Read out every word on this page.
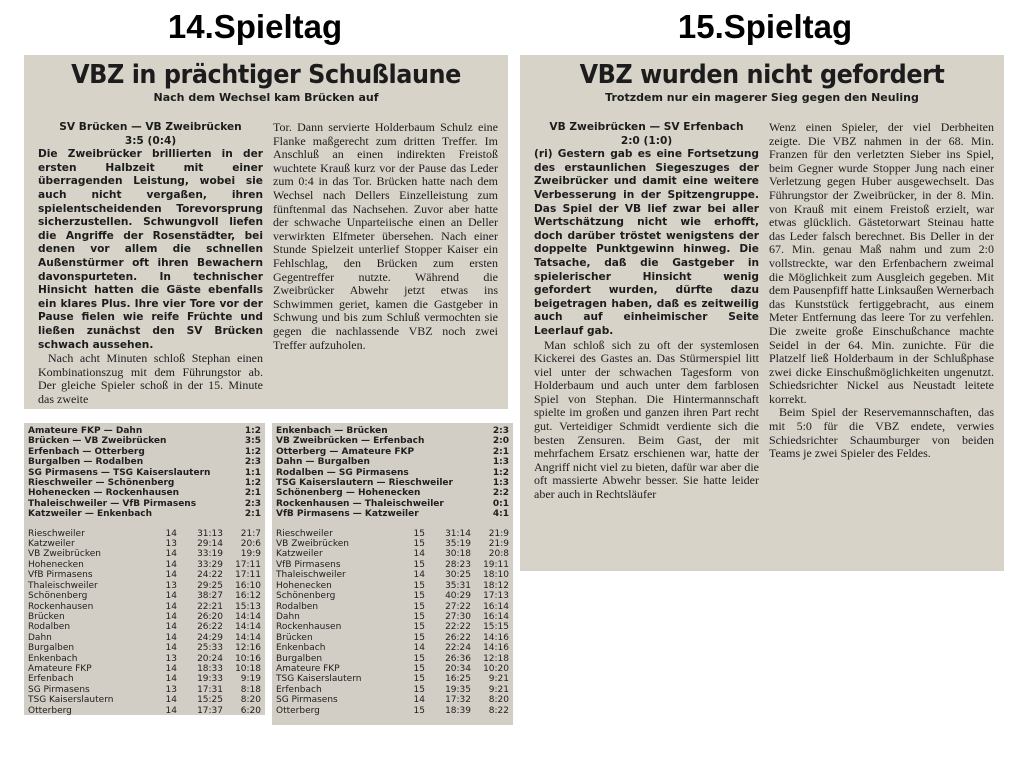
14.Spieltag	15.Spieltag
VBZ in prächtiger Schußlaune
Nach dem Wechsel kam Brücken auf
SV Brücken — VB Zweibrücken
3:5 (0:4)

Die Zweibrücker brillierten in der ersten Halbzeit mit einer überragenden Leistung, wobei sie auch nicht vergaßen, ihren spielentscheidenden Torevorsprung sicherzustellen. Schwungvoll liefen die Angriffe der Rosenstädter, bei denen vor allem die schnellen Außenstürmer oft ihren Bewachern davonspurteten. In technischer Hinsicht hatten die Gäste ebenfalls ein klares Plus. Ihre vier Tore vor der Pause fielen wie reife Früchte und ließen zunächst den SV Brücken schwach aussehen.

Nach acht Minuten schloß Stephan einen Kombinationszug mit dem Führungstor ab. Der gleiche Spieler schoß in der 15. Minute das zweite

Tor. Dann servierte Holderbaum Schulz eine Flanke maßgerecht zum dritten Treffer. Im Anschluß an einen indirekten Freistoß wuchtete Krauß kurz vor der Pause das Leder zum 0:4 in das Tor. Brücken hatte nach dem Wechsel nach Dellers Einzelleistung zum fünftenmal das Nachsehen. Zuvor aber hatte der schwache Unparteiische einen an Deller verwirkten Elfmeter übersehen. Nach einer Stunde Spielzeit unterlief Stopper Kaiser ein Fehlschlag, den Brücken zum ersten Gegentreffer nutzte. Während die Zweibrücker Abwehr jetzt etwas ins Schwimmen geriet, kamen die Gastgeber in Schwung und bis zum Schluß vermochten sie gegen die nachlassende VBZ noch zwei Treffer aufzuholen.

VBZ wurden nicht gefordert
Trotzdem nur ein magerer Sieg gegen den Neuling
VB Zweibrücken — SV Erfenbach
2:0 (1:0)

(ri) Gestern gab es eine Fortsetzung des erstaunlichen Siegeszuges der Zweibrücker und damit eine weitere Verbesserung in der Spitzengruppe. Das Spiel der VB lief zwar bei aller Wertschätzung nicht wie erhofft, doch darüber tröstet wenigstens der doppelte Punktgewinn hinweg. Die Tatsache, daß die Gastgeber in spielerischer Hinsicht wenig gefordert wurden, dürfte dazu beigetragen haben, daß es zeitweilig auch auf einheimischer Seite Leerlauf gab.

Man schloß sich zu oft der systemlosen Kickerei des Gastes an. Das Stürmerspiel litt viel unter der schwachen Tagesform von Holderbaum und auch unter dem farblosen Spiel von Stephan. Die Hintermannschaft spielte im großen und ganzen ihren Part recht gut. Verteidiger Schmidt verdiente sich die besten Zensuren. Beim Gast, der mit mehrfachem Ersatz erschienen war, hatte der Angriff nicht viel zu bieten, dafür war aber die oft massierte Abwehr besser. Sie hatte leider aber auch in Rechtsläufer

Wenz einen Spieler, der viel Derbheiten zeigte. Die VBZ nahmen in der 68. Min. Franzen für den verletzten Sieber ins Spiel, beim Gegner wurde Stopper Jung nach einer Verletzung gegen Huber ausgewechselt. Das Führungstor der Zweibrücker, in der 8. Min. von Krauß mit einem Freistoß erzielt, war etwas glücklich. Gästetorwart Steinau hatte das Leder falsch berechnet. Bis Deller in der 67. Min. genau Maß nahm und zum 2:0 vollstreckte, war den Erfenbachern zweimal die Möglichkeit zum Ausgleich gegeben. Mit dem Pausenpfiff hatte Linksaußen Wernerbach das Kunststück fertiggebracht, aus einem Meter Entfernung das leere Tor zu verfehlen. Die zweite große Einschußchance machte Seidel in der 64. Min. zunichte. Für die Platzelf ließ Holderbaum in der Schlußphase zwei dicke Einschußmöglichkeiten ungenutzt. Schiedsrichter Nickel aus Neustadt leitete korrekt.

Beim Spiel der Reservemannschaften, das mit 5:0 für die VBZ endete, verwies Schiedsrichter Schaumburger von beiden Teams je zwei Spieler des Feldes.

Amateure FKP — Dahn	1:2
Brücken — VB Zweibrücken	3:5
Erfenbach — Otterberg	1:2
Burgalben — Rodalben	2:3
SG Pirmasens — TSG Kaiserslautern	1:1
Rieschweiler — Schönenberg	1:2
Hohenecken — Rockenhausen	2:1
Thaleischweiler — VfB Pirmasens	2:3
Katzweiler — Enkenbach	2:1
Rieschweiler	14	31:13	21:7
Katzweiler	13	29:14	20:6
VB Zweibrücken	14	33:19	19:9
Hohenecken	14	33:29	17:11
VfB Pirmasens	14	24:22	17:11
Thaleischweiler	13	29:25	16:10
Schönenberg	14	38:27	16:12
Rockenhausen	14	22:21	15:13
Brücken	14	26:20	14:14
Rodalben	14	26:22	14:14
Dahn	14	24:29	14:14
Burgalben	14	25:33	12:16
Enkenbach	13	20:24	10:16
Amateure FKP	14	18:33	10:18
Erfenbach	14	19:33	9:19
SG Pirmasens	13	17:31	8:18
TSG Kaiserslautern	14	15:25	8:20
Otterberg	14	17:37	6:20
Enkenbach — Brücken	2:3
VB Zweibrücken — Erfenbach	2:0
Otterberg — Amateure FKP	2:1
Dahn — Burgalben	1:3
Rodalben — SG Pirmasens	1:2
TSG Kaiserslautern — Rieschweiler	1:3
Schönenberg — Hohenecken	2:2
Rockenhausen — Thaleischweiler	0:1
VfB Pirmasens — Katzweiler	4:1
Rieschweiler	15	31:14	21:9
VB Zweibrücken	15	35:19	21:9
Katzweiler	14	30:18	20:8
VfB Pirmasens	15	28:23	19:11
Thaleischweiler	14	30:25	18:10
Hohenecken	15	35:31	18:12
Schönenberg	15	40:29	17:13
Rodalben	15	27:22	16:14
Dahn	15	27:30	16:14
Rockenhausen	15	22:22	15:15
Brücken	15	26:22	14:16
Enkenbach	14	22:24	14:16
Burgalben	15	26:36	12:18
Amateure FKP	15	20:34	10:20
TSG Kaiserslautern	15	16:25	9:21
Erfenbach	15	19:35	9:21
SG Pirmasens	14	17:32	8:20
Otterberg	15	18:39	8:22
